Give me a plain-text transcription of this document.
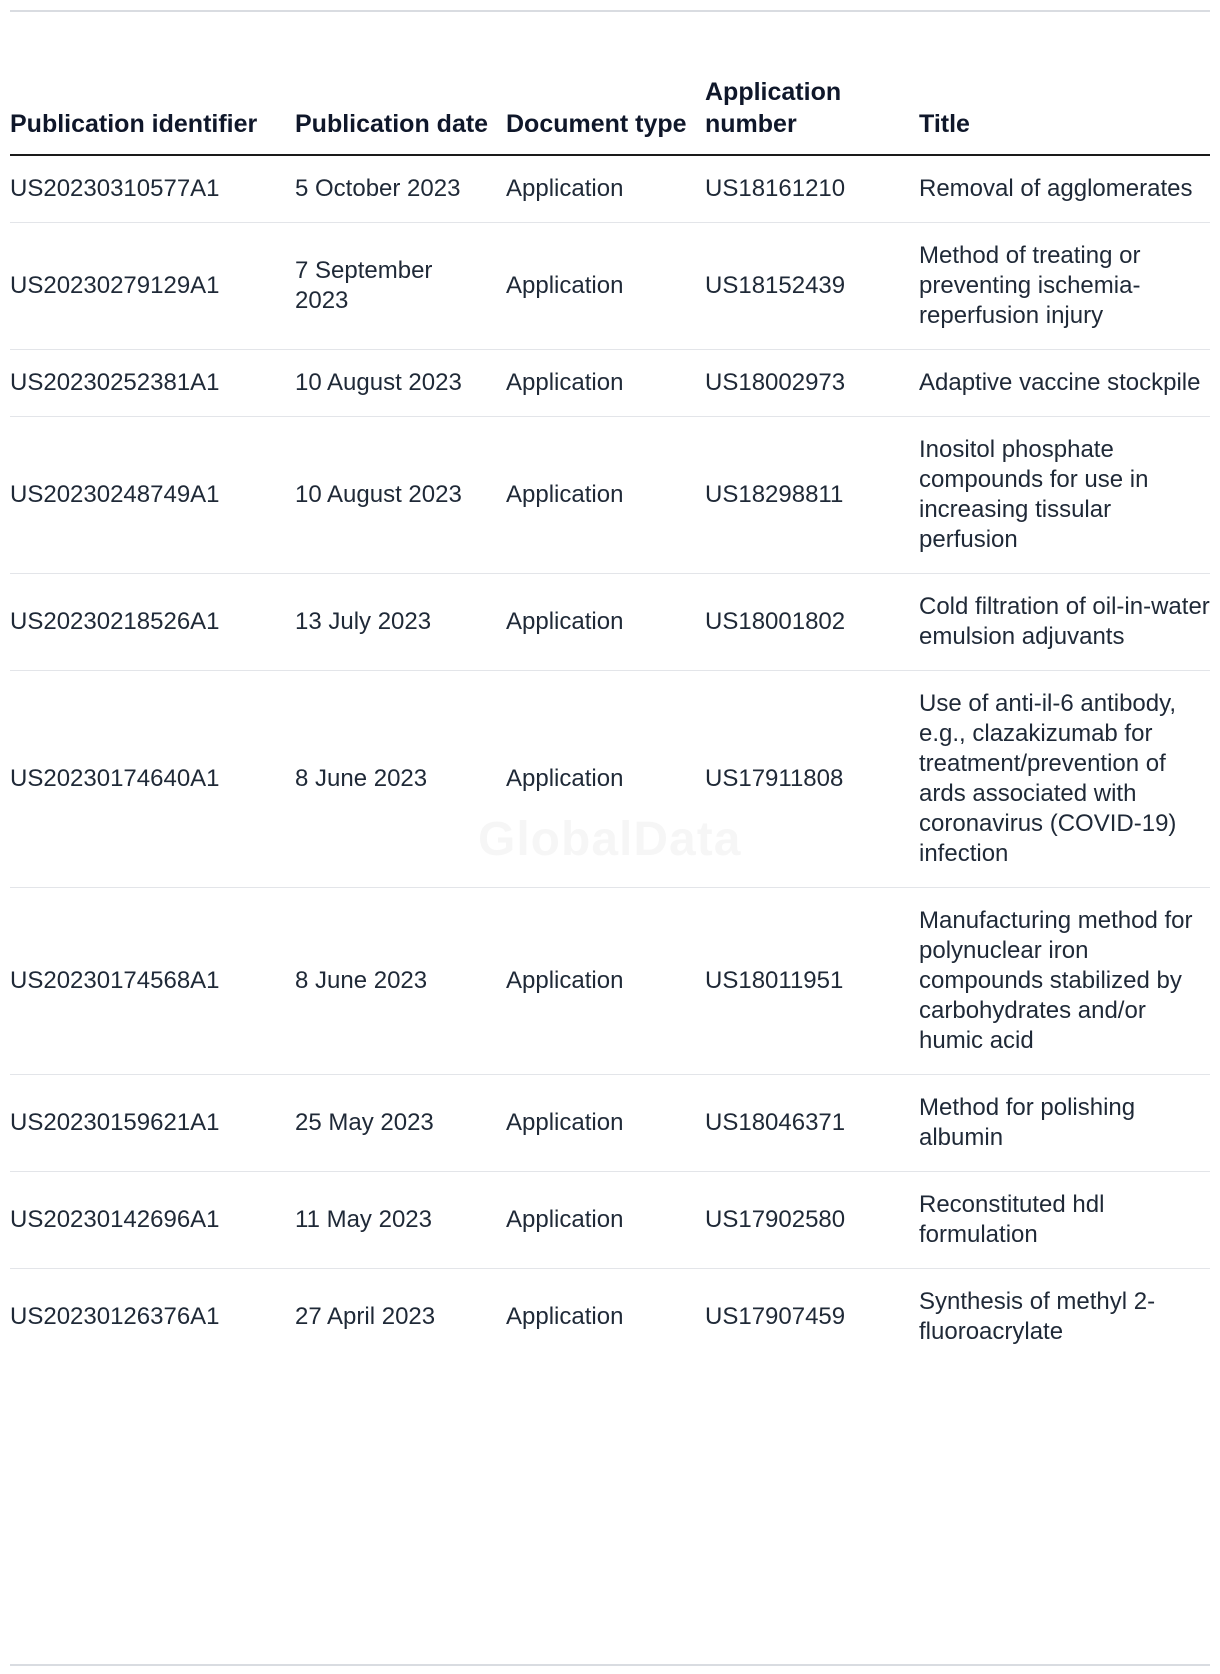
Publication identifier	Publication date	Document type	Application number	Title
US20230310577A1	5 October 2023	Application	US18161210	Removal of agglomerates
US20230279129A1	7 September 2023	Application	US18152439	Method of treating or preventing ischemia-reperfusion injury
US20230252381A1	10 August 2023	Application	US18002973	Adaptive vaccine stockpile
US20230248749A1	10 August 2023	Application	US18298811	Inositol phosphate compounds for use in increasing tissular perfusion
US20230218526A1	13 July 2023	Application	US18001802	Cold filtration of oil-in-water emulsion adjuvants
US20230174640A1	8 June 2023	Application	US17911808	Use of anti-il-6 antibody, e.g., clazakizumab for treatment/prevention of ards associated with coronavirus (COVID-19) infection
US20230174568A1	8 June 2023	Application	US18011951	Manufacturing method for polynuclear iron compounds stabilized by carbohydrates and/or humic acid
US20230159621A1	25 May 2023	Application	US18046371	Method for polishing albumin
US20230142696A1	11 May 2023	Application	US17902580	Reconstituted hdl formulation
US20230126376A1	27 April 2023	Application	US17907459	Synthesis of methyl 2-fluoroacrylate
